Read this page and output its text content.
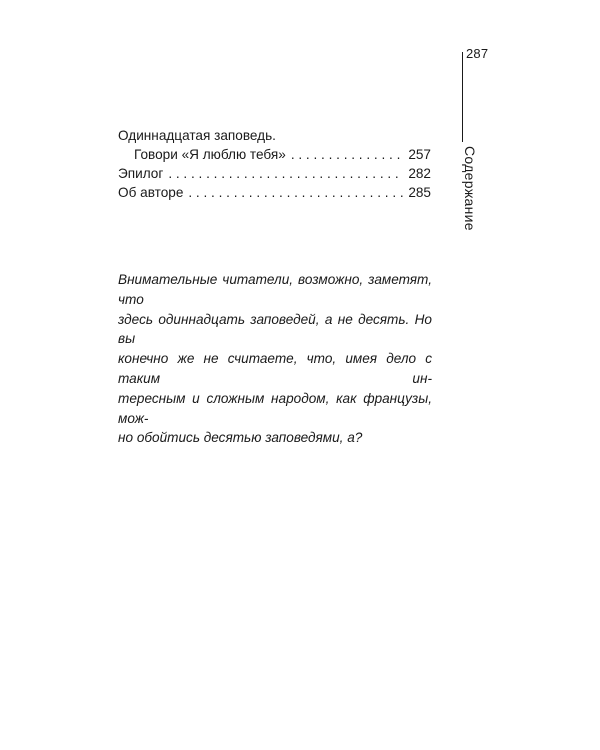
287
Содержание
Одиннадцатая заповедь.
Говори «Я люблю тебя» . . .	257
Эпилог . . .	282
Об авторе . . .	285
Внимательные читатели, возможно, заметят, что
здесь одиннадцать заповедей, а не десять. Но вы
конечно же не считаете, что, имея дело с таким ин-
тересным и сложным народом, как французы, мож-
но обойтись десятью заповедями, а?
